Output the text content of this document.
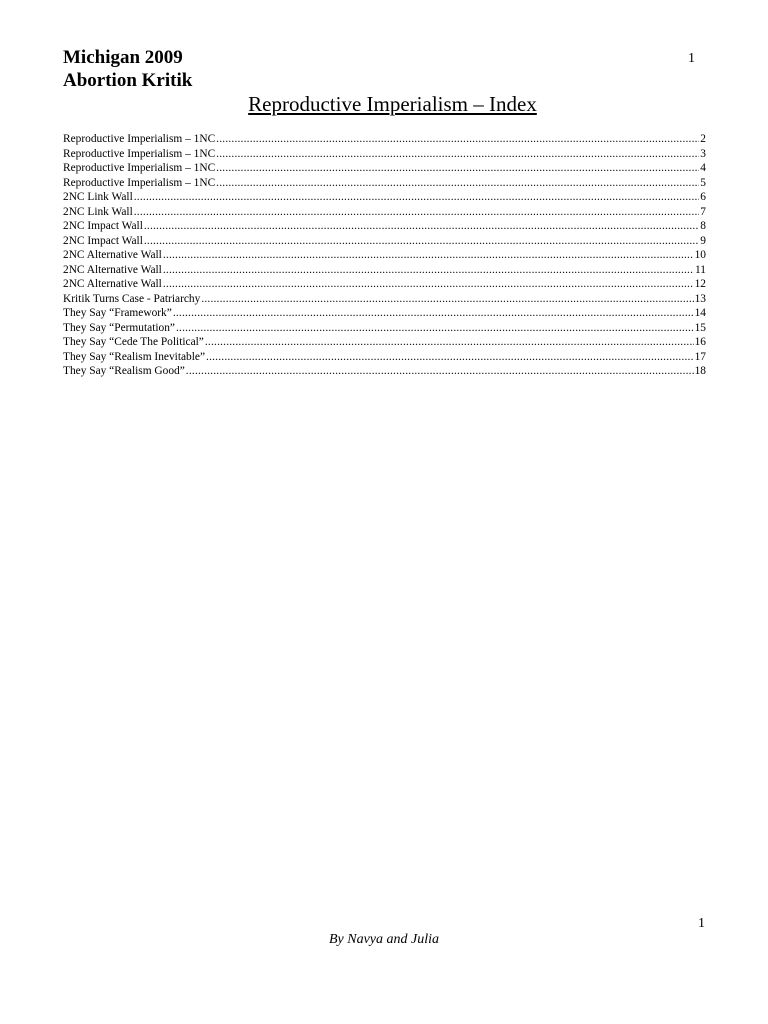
Michigan 2009
Abortion Kritik
1
Reproductive Imperialism – Index
Reproductive Imperialism – 1NC .....	2
Reproductive Imperialism – 1NC .....	3
Reproductive Imperialism – 1NC .....	4
Reproductive Imperialism – 1NC .....	5
2NC Link Wall .....	6
2NC Link Wall .....	7
2NC Impact Wall .....	8
2NC Impact Wall .....	9
2NC Alternative Wall .....	10
2NC Alternative Wall .....	11
2NC Alternative Wall .....	12
Kritik Turns Case - Patriarchy .....	13
They Say “Framework” .....	14
They Say “Permutation” .....	15
They Say “Cede The Political” .....	16
They Say “Realism Inevitable” .....	17
They Say “Realism Good” .....	18
1
By Navya and Julia
